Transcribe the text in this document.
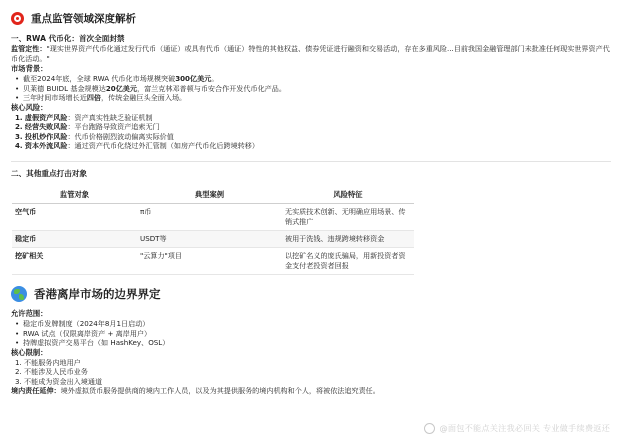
重点监管领域深度解析
一、RWA 代币化：首次全面封禁
监管定性："现实世界资产代币化通过发行代币（通证）或具有代币（通证）特性的其他权益、债券凭证进行融资和交易活动，存在多重风险...目前我国金融管理部门未批准任何现实世界资产代币化活动。"
市场背景：
• 截至2024年底，全球 RWA 代币化市场规模突破300亿美元。
• 贝莱德 BUIDL 基金规模达20亿美元，富兰克林邓普顿与币安合作开发代币化产品。
• 三年时间市场增长近四倍，传统金融巨头全面入场。
核心风险：
1. 虚假资产风险：资产真实性缺乏验证机制
2. 经营失败风险：平台跑路导致资产追索无门
3. 投机炒作风险：代币价格剧烈波动偏离实际价值
4. 资本外流风险：通过资产代币化绕过外汇管制（如房产代币化后跨境转移）
二、其他重点打击对象
监管对象	典型案例	风险特征
空气币	π币	无实质技术创新、无明确应用场景、传销式推广
稳定币	USDT等	被用于洗钱、违规跨境转移资金
挖矿相关	"云算力"项目	以挖矿名义的庞氏骗局，用新投资者资金支付老投资者回报
香港离岸市场的边界界定
允许范围：
• 稳定币发牌制度（2024年8月1日启动）
• RWA 试点（仅限离岸资产 + 离岸用户）
• 持牌虚拟资产交易平台（如 HashKey、OSL）
核心限制：
1. 不能服务内地用户
2. 不能涉及人民币业务
3. 不能成为资金出入境通道
境内责任延伸：境外虚拟货币服务提供商的境内工作人员，以及为其提供服务的境内机构和个人，将被依法追究责任。
@面包不能点关注我必回关 专业做手续费返还
